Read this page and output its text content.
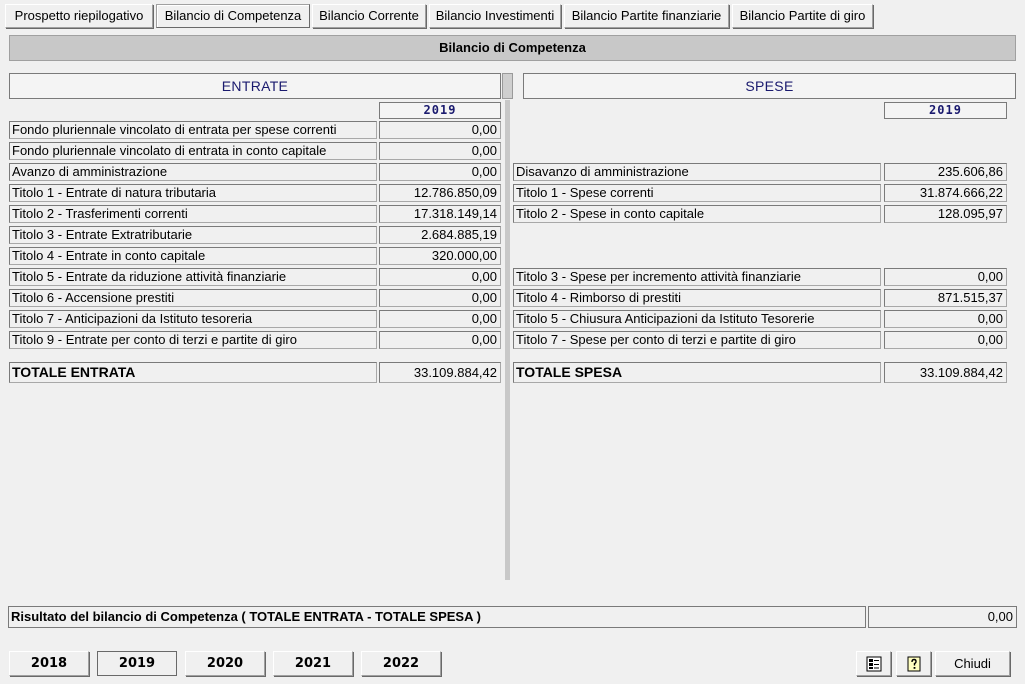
Prospetto riepilogativo	Bilancio di Competenza	Bilancio Corrente	Bilancio Investimenti	Bilancio Partite finanziarie	Bilancio Partite di giro
Bilancio di Competenza
ENTRATE	SPESE
2019	2019
Fondo pluriennale vincolato di entrata per spese correnti	0,00
Fondo pluriennale vincolato di entrata in conto capitale	0,00
Avanzo di amministrazione	0,00
Titolo 1 - Entrate di natura tributaria	12.786.850,09
Titolo 2 - Trasferimenti correnti	17.318.149,14
Titolo 3 - Entrate Extratributarie	2.684.885,19
Titolo 4 - Entrate in conto capitale	320.000,00
Titolo 5 - Entrate da riduzione attività finanziarie	0,00
Titolo 6 - Accensione prestiti	0,00
Titolo 7 - Anticipazioni da Istituto tesoreria	0,00
Titolo 9 - Entrate per conto di terzi e partite di giro	0,00
TOTALE ENTRATA	33.109.884,42
Disavanzo di amministrazione	235.606,86
Titolo 1 - Spese correnti	31.874.666,22
Titolo 2 - Spese in conto capitale	128.095,97
Titolo 3 - Spese per incremento attività finanziarie	0,00
Titolo 4 - Rimborso di prestiti	871.515,37
Titolo 5 - Chiusura Anticipazioni da Istituto Tesorerie	0,00
Titolo 7 - Spese per conto di terzi e partite di giro	0,00
TOTALE SPESA	33.109.884,42
Risultato del bilancio di Competenza ( TOTALE ENTRATA - TOTALE SPESA )	0,00
2018	2019	2020	2021	2022	Chiudi
